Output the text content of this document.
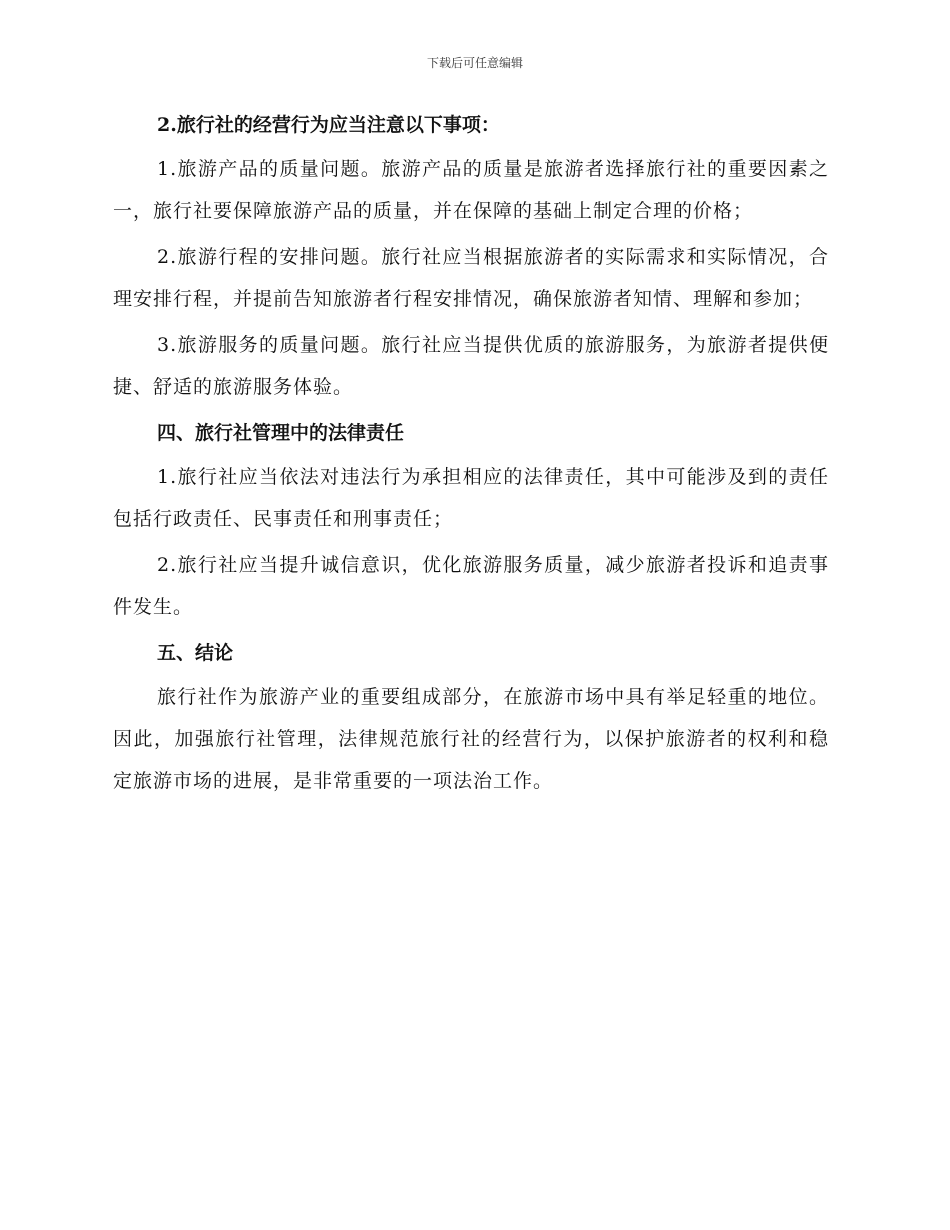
下载后可任意编辑

2.旅行社的经营行为应当注意以下事项：

1.旅游产品的质量问题。旅游产品的质量是旅游者选择旅行社的重要因素之一，旅行社要保障旅游产品的质量，并在保障的基础上制定合理的价格；

2.旅游行程的安排问题。旅行社应当根据旅游者的实际需求和实际情况，合理安排行程，并提前告知旅游者行程安排情况，确保旅游者知情、理解和参加；

3.旅游服务的质量问题。旅行社应当提供优质的旅游服务，为旅游者提供便捷、舒适的旅游服务体验。

四、旅行社管理中的法律责任

1.旅行社应当依法对违法行为承担相应的法律责任，其中可能涉及到的责任包括行政责任、民事责任和刑事责任；

2.旅行社应当提升诚信意识，优化旅游服务质量，减少旅游者投诉和追责事件发生。

五、结论

旅行社作为旅游产业的重要组成部分，在旅游市场中具有举足轻重的地位。因此，加强旅行社管理，法律规范旅行社的经营行为，以保护旅游者的权利和稳定旅游市场的进展，是非常重要的一项法治工作。
